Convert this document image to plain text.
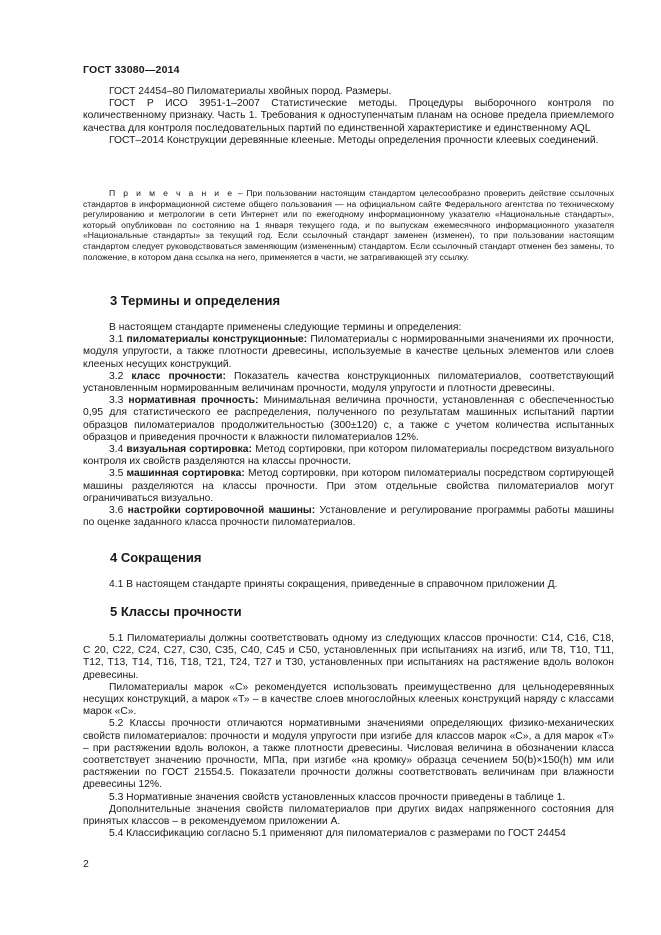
ГОСТ 33080—2014

ГОСТ 24454–80 Пиломатериалы хвойных пород. Размеры.

ГОСТ Р ИСО 3951-1–2007 Статистические методы. Процедуры выборочного контроля по количественному признаку. Часть 1. Требования к одноступенчатым планам на основе предела приемлемого качества для контроля последовательных партий по единственной характеристике и единственному AQL

ГОСТ–2014 Конструкции деревянные клееные. Методы определения прочности клеевых соединений.

П р и м е ч а н и е – При пользовании настоящим стандартом целесообразно проверить действие ссылочных стандартов в информационной системе общего пользования — на официальном сайте Федерального агентства по техническому регулированию и метрологии в сети Интернет или по ежегодному информационному указателю «Национальные стандарты», который опубликован по состоянию на 1 января текущего года, и по выпускам ежемесячного информационного указателя «Национальные стандарты» за текущий год. Если ссылочный стандарт заменен (изменен), то при пользовании настоящим стандартом следует руководствоваться заменяющим (измененным) стандартом. Если ссылочный стандарт отменен без замены, то положение, в котором дана ссылка на него, применяется в части, не затрагивающей эту ссылку.

3 Термины и определения

В настоящем стандарте применены следующие термины и определения:

3.1 пиломатериалы конструкционные: Пиломатериалы с нормированными значениями их прочности, модуля упругости, а также плотности древесины, используемые в качестве цельных элементов или слоев клееных несущих конструкций.

3.2 класс прочности: Показатель качества конструкционных пиломатериалов, соответствующий установленным нормированным величинам прочности, модуля упругости и плотности древесины.

3.3 нормативная прочность: Минимальная величина прочности, установленная с обеспеченностью 0,95 для статистического ее распределения, полученного по результатам машинных испытаний партии образцов пиломатериалов продолжительностью (300±120) с, а также с учетом количества испытанных образцов и приведения прочности к влажности пиломатериалов 12%.

3.4 визуальная сортировка: Метод сортировки, при котором пиломатериалы посредством визуального контроля их свойств разделяются на классы прочности.

3.5 машинная сортировка: Метод сортировки, при котором пиломатериалы посредством сортирующей машины разделяются на классы прочности. При этом отдельные свойства пиломатериалов могут ограничиваться визуально.

3.6 настройки сортировочной машины: Установление и регулирование программы работы машины по оценке заданного класса прочности пиломатериалов.

4 Сокращения

4.1 В настоящем стандарте приняты сокращения, приведенные в справочном приложении Д.

5 Классы прочности

5.1 Пиломатериалы должны соответствовать одному из следующих классов прочности: С14, С16, С18, С 20, С22, С24, С27, С30, С35, С40, С45 и С50, установленных при испытаниях на изгиб, или Т8, Т10, Т11, Т12, Т13, Т14, Т16, Т18, Т21, Т24, Т27 и Т30, установленных при испытаниях на растяжение вдоль волокон древесины.

Пиломатериалы марок «С» рекомендуется использовать преимущественно для цельнодеревянных несущих конструкций, а марок «Т» – в качестве слоев многослойных клееных конструкций наряду с классами марок «С».

5.2 Классы прочности отличаются нормативными значениями определяющих физико-механических свойств пиломатериалов: прочности и модуля упругости при изгибе для классов марок «С», а для марок «Т» – при растяжении вдоль волокон, а также плотности древесины. Числовая величина в обозначении класса соответствует значению прочности, МПа, при изгибе «на кромку» образца сечением 50(b)×150(h) мм или растяжении по ГОСТ 21554.5. Показатели прочности должны соответствовать величинам при влажности древесины 12%.

5.3 Нормативные значения свойств установленных классов прочности приведены в таблице 1.

Дополнительные значения свойств пиломатериалов при других видах напряженного состояния для принятых классов – в рекомендуемом приложении А.

5.4 Классификацию согласно 5.1 применяют для пиломатериалов с размерами по ГОСТ 24454

2
